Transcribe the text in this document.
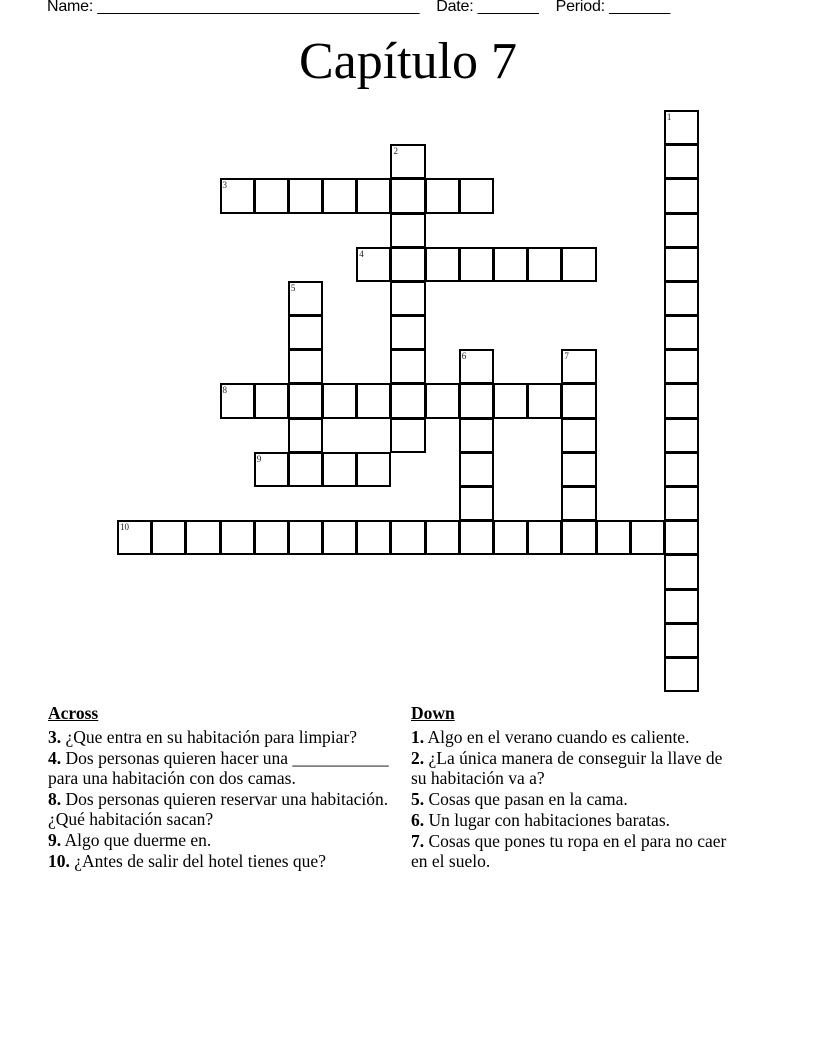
Name: _____________________________________ Date: _______ Period: _______
Capítulo 7
1
2
3
4
5
6	7
8
9
10
Across
3. ¿Que entra en su habitación para limpiar?
4. Dos personas quieren hacer una ___________ para una habitación con dos camas.
8. Dos personas quieren reservar una habitación. ¿Qué habitación sacan?
9. Algo que duerme en.
10. ¿Antes de salir del hotel tienes que?
Down
1. Algo en el verano cuando es caliente.
2. ¿La única manera de conseguir la llave de su habitación va a?
5. Cosas que pasan en la cama.
6. Un lugar con habitaciones baratas.
7. Cosas que pones tu ropa en el para no caer en el suelo.
